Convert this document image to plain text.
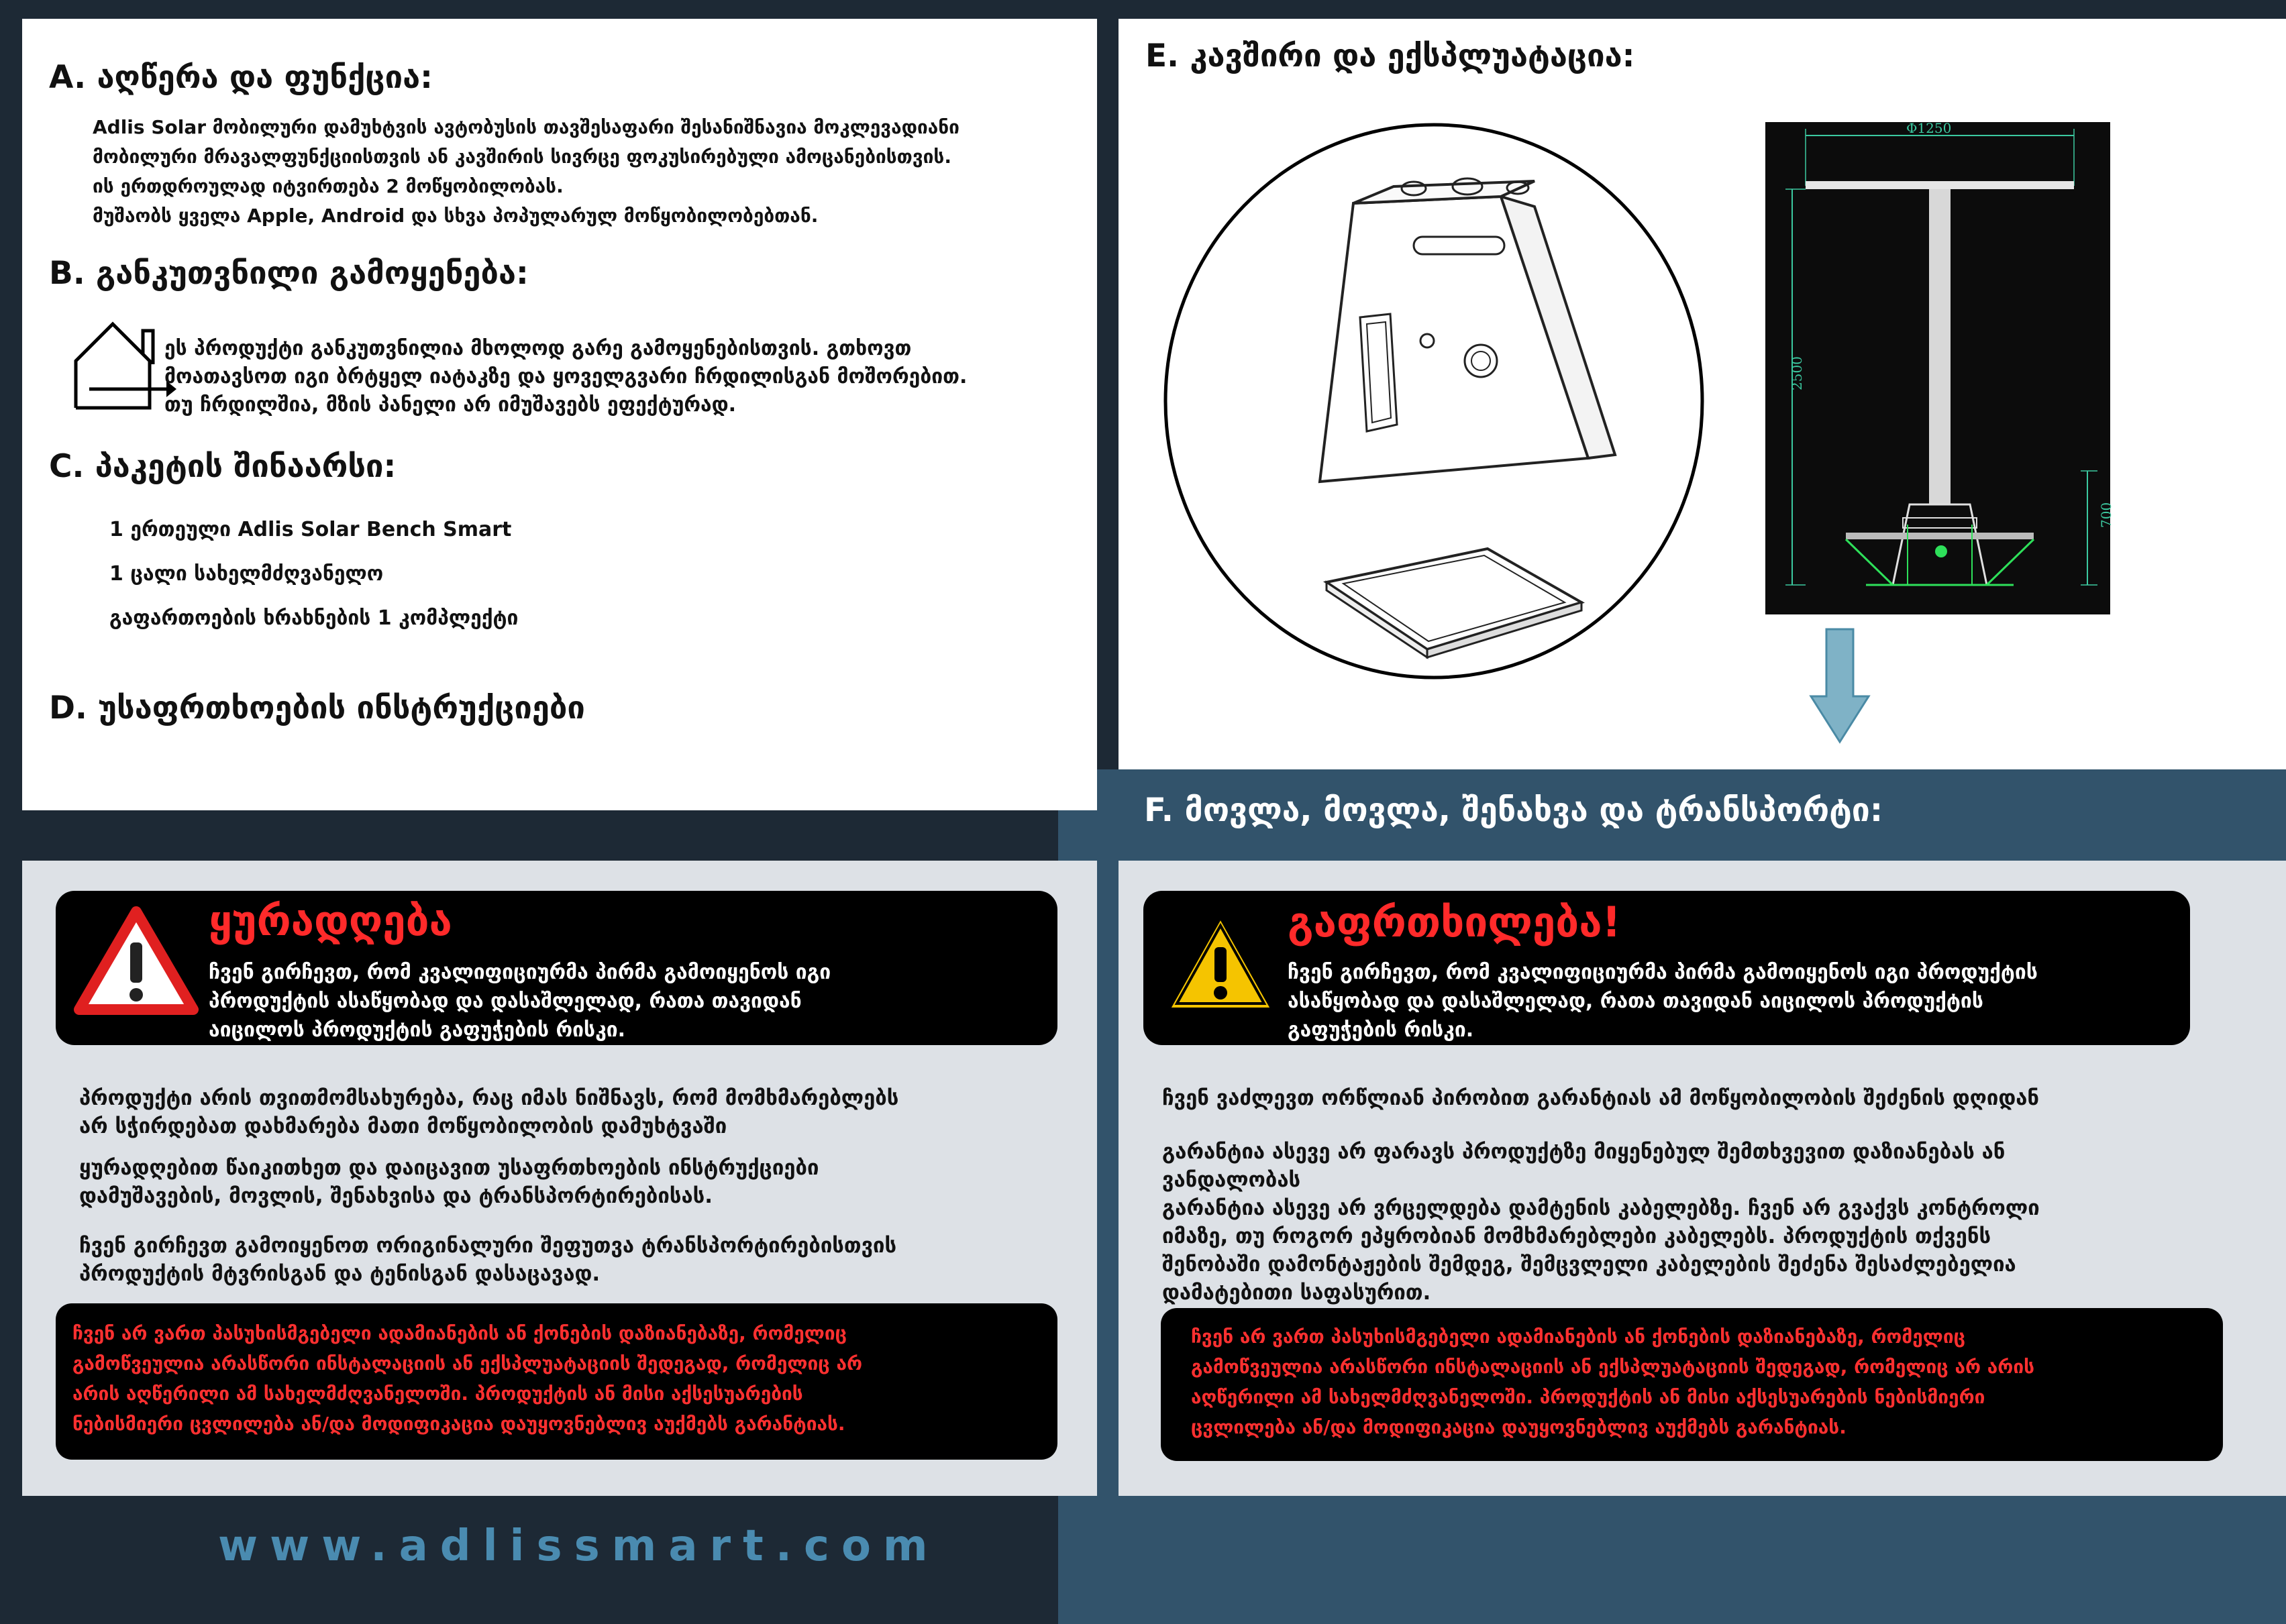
A. აღწერა და ფუნქცია:
Adlis Solar მობილური დამუხტვის ავტობუსის თავშესაფარი შესანიშნავია მოკლევადიანი
მობილური მრავალფუნქციისთვის ან კავშირის სივრცე ფოკუსირებული ამოცანებისთვის.
ის ერთდროულად იტვირთება 2 მოწყობილობას.
მუშაობს ყველა Apple, Android და სხვა პოპულარულ მოწყობილობებთან.
B. განკუთვნილი გამოყენება:
ეს პროდუქტი განკუთვნილია მხოლოდ გარე გამოყენებისთვის. გთხოვთ
მოათავსოთ იგი ბრტყელ იატაკზე და ყოველგვარი ჩრდილისგან მოშორებით.
თუ ჩრდილშია, მზის პანელი არ იმუშავებს ეფექტურად.
C. პაკეტის შინაარსი:
1 ერთეული Adlis Solar Bench Smart
1 ცალი სახელმძღვანელო
გაფართოების ხრახნების 1 კომპლექტი
D. უსაფრთხოების ინსტრუქციები
E. კავშირი და ექსპლუატაცია:
Φ1250
2500
700
F. მოვლა, მოვლა, შენახვა და ტრანსპორტი:
ყურადღება
ჩვენ გირჩევთ, რომ კვალიფიციურმა პირმა გამოიყენოს იგი
პროდუქტის ასაწყობად და დასაშლელად, რათა თავიდან
აიცილოს პროდუქტის გაფუჭების რისკი.
პროდუქტი არის თვითმომსახურება, რაც იმას ნიშნავს, რომ მომხმარებლებს
არ სჭირდებათ დახმარება მათი მოწყობილობის დამუხტვაში
ყურადღებით წაიკითხეთ და დაიცავით უსაფრთხოების ინსტრუქციები
დამუშავების, მოვლის, შენახვისა და ტრანსპორტირებისას.
ჩვენ გირჩევთ გამოიყენოთ ორიგინალური შეფუთვა ტრანსპორტირებისთვის
პროდუქტის მტვრისგან და ტენისგან დასაცავად.
ჩვენ არ ვართ პასუხისმგებელი ადამიანების ან ქონების დაზიანებაზე, რომელიც
გამოწვეულია არასწორი ინსტალაციის ან ექსპლუატაციის შედეგად, რომელიც არ
არის აღწერილი ამ სახელმძღვანელოში. პროდუქტის ან მისი აქსესუარების
ნებისმიერი ცვლილება ან/და მოდიფიკაცია დაუყოვნებლივ აუქმებს გარანტიას.
გაფრთხილება!
ჩვენ გირჩევთ, რომ კვალიფიციურმა პირმა გამოიყენოს იგი პროდუქტის
ასაწყობად და დასაშლელად, რათა თავიდან აიცილოს პროდუქტის
გაფუჭების რისკი.
ჩვენ ვაძლევთ ორწლიან პირობით გარანტიას ამ მოწყობილობის შეძენის დღიდან
გარანტია ასევე არ ფარავს პროდუქტზე მიყენებულ შემთხვევით დაზიანებას ან
ვანდალობას
გარანტია ასევე არ ვრცელდება დამტენის კაბელებზე. ჩვენ არ გვაქვს კონტროლი
იმაზე, თუ როგორ ეპყრობიან მომხმარებლები კაბელებს. პროდუქტის თქვენს
შენობაში დამონტაჟების შემდეგ, შემცვლელი კაბელების შეძენა შესაძლებელია
დამატებითი საფასურით.
ჩვენ არ ვართ პასუხისმგებელი ადამიანების ან ქონების დაზიანებაზე, რომელიც
გამოწვეულია არასწორი ინსტალაციის ან ექსპლუატაციის შედეგად, რომელიც არ არის
აღწერილი ამ სახელმძღვანელოში. პროდუქტის ან მისი აქსესუარების ნებისმიერი
ცვლილება ან/და მოდიფიკაცია დაუყოვნებლივ აუქმებს გარანტიას.
www.adlissmart.com
